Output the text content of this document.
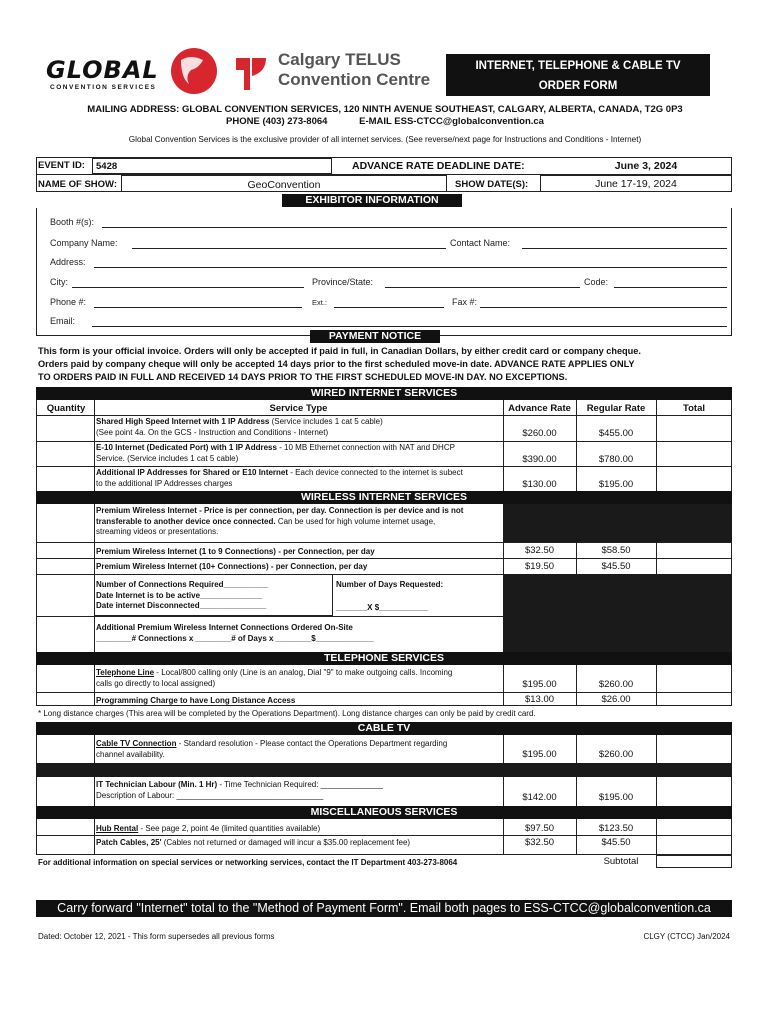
GLOBAL
CONVENTION SERVICES
Calgary TELUS
Convention Centre
INTERNET, TELEPHONE & CABLE TV
ORDER FORM
MAILING ADDRESS: GLOBAL CONVENTION SERVICES, 120 NINTH AVENUE SOUTHEAST, CALGARY, ALBERTA, CANADA, T2G 0P3
PHONE (403) 273-8064	E-MAIL ESS-CTCC@globalconvention.ca
Global Convention Services is the exclusive provider of all internet services. (See reverse/next page for Instructions and Conditions - Internet)
EVENT ID: 5428	ADVANCE RATE DEADLINE DATE:	June 3, 2024
NAME OF SHOW:	GeoConvention	SHOW DATE(S):	June 17-19, 2024
EXHIBITOR INFORMATION
Booth #(s):
Company Name:	Contact Name:
Address:
City:	Province/State:	Code:
Phone #:	Ext.:	Fax #:
Email:
PAYMENT NOTICE
This form is your official invoice. Orders will only be accepted if paid in full, in Canadian Dollars, by either credit card or company cheque.
Orders paid by company cheque will only be accepted 14 days prior to the first scheduled move-in date. ADVANCE RATE APPLIES ONLY
TO ORDERS PAID IN FULL AND RECEIVED 14 DAYS PRIOR TO THE FIRST SCHEDULED MOVE-IN DAY. NO EXCEPTIONS.
WIRED INTERNET SERVICES
Quantity	Service Type	Advance Rate	Regular Rate	Total
Shared High Speed Internet with 1 IP Address (Service includes 1 cat 5 cable)
(See point 4a. On the GCS - Instruction and Conditions - Internet)	$260.00	$455.00
E-10 Internet (Dedicated Port) with 1 IP Address - 10 MB Ethernet connection with NAT and DHCP
Service. (Service includes 1 cat 5 cable)	$390.00	$780.00
Additional IP Addresses for Shared or E10 Internet - Each device connected to the internet is subect
to the additional IP Addresses charges	$130.00	$195.00
WIRELESS INTERNET SERVICES
Premium Wireless Internet - Price is per connection, per day. Connection is per device and is not
transferable to another device once connected. Can be used for high volume internet usage,
streaming videos or presentations.
Premium Wireless Internet (1 to 9 Connections) - per Connection, per day	$32.50	$58.50
Premium Wireless Internet (10+ Connections) - per Connection, per day	$19.50	$45.50
Number of Connections Required__________
Date Internet is to be active______________
Date internet Disconnected_______________
Number of Days Requested:
_______X $___________
Additional Premium Wireless Internet Connections Ordered On-Site
________# Connections x ________# of Days x ________$_____________
TELEPHONE SERVICES
Telephone Line - Local/800 calling only (Line is an analog, Dial "9" to make outgoing calls. Incoming
calls go directly to local assigned)	$195.00	$260.00
Programming Charge to have Long Distance Access	$13.00	$26.00
* Long distance charges (This area will be completed by the Operations Department). Long distance charges can only be paid by credit card.
CABLE TV
Cable TV Connection - Standard resolution - Please contact the Operations Department regarding
channel availability.	$195.00	$260.00
IT Technician Labour (Min. 1 Hr) - Time Technician Required: ______________
Description of Labour: _________________________________	$142.00	$195.00
MISCELLANEOUS SERVICES
Hub Rental - See page 2, point 4e (limited quantities available)	$97.50	$123.50
Patch Cables, 25' (Cables not returned or damaged will incur a $35.00 replacement fee)	$32.50	$45.50
For additional information on special services or networking services, contact the IT Department 403-273-8064	Subtotal
Carry forward "Internet" total to the "Method of Payment Form". Email both pages to ESS-CTCC@globalconvention.ca
Dated: October 12, 2021 - This form supersedes all previous forms	CLGY (CTCC) Jan/2024
